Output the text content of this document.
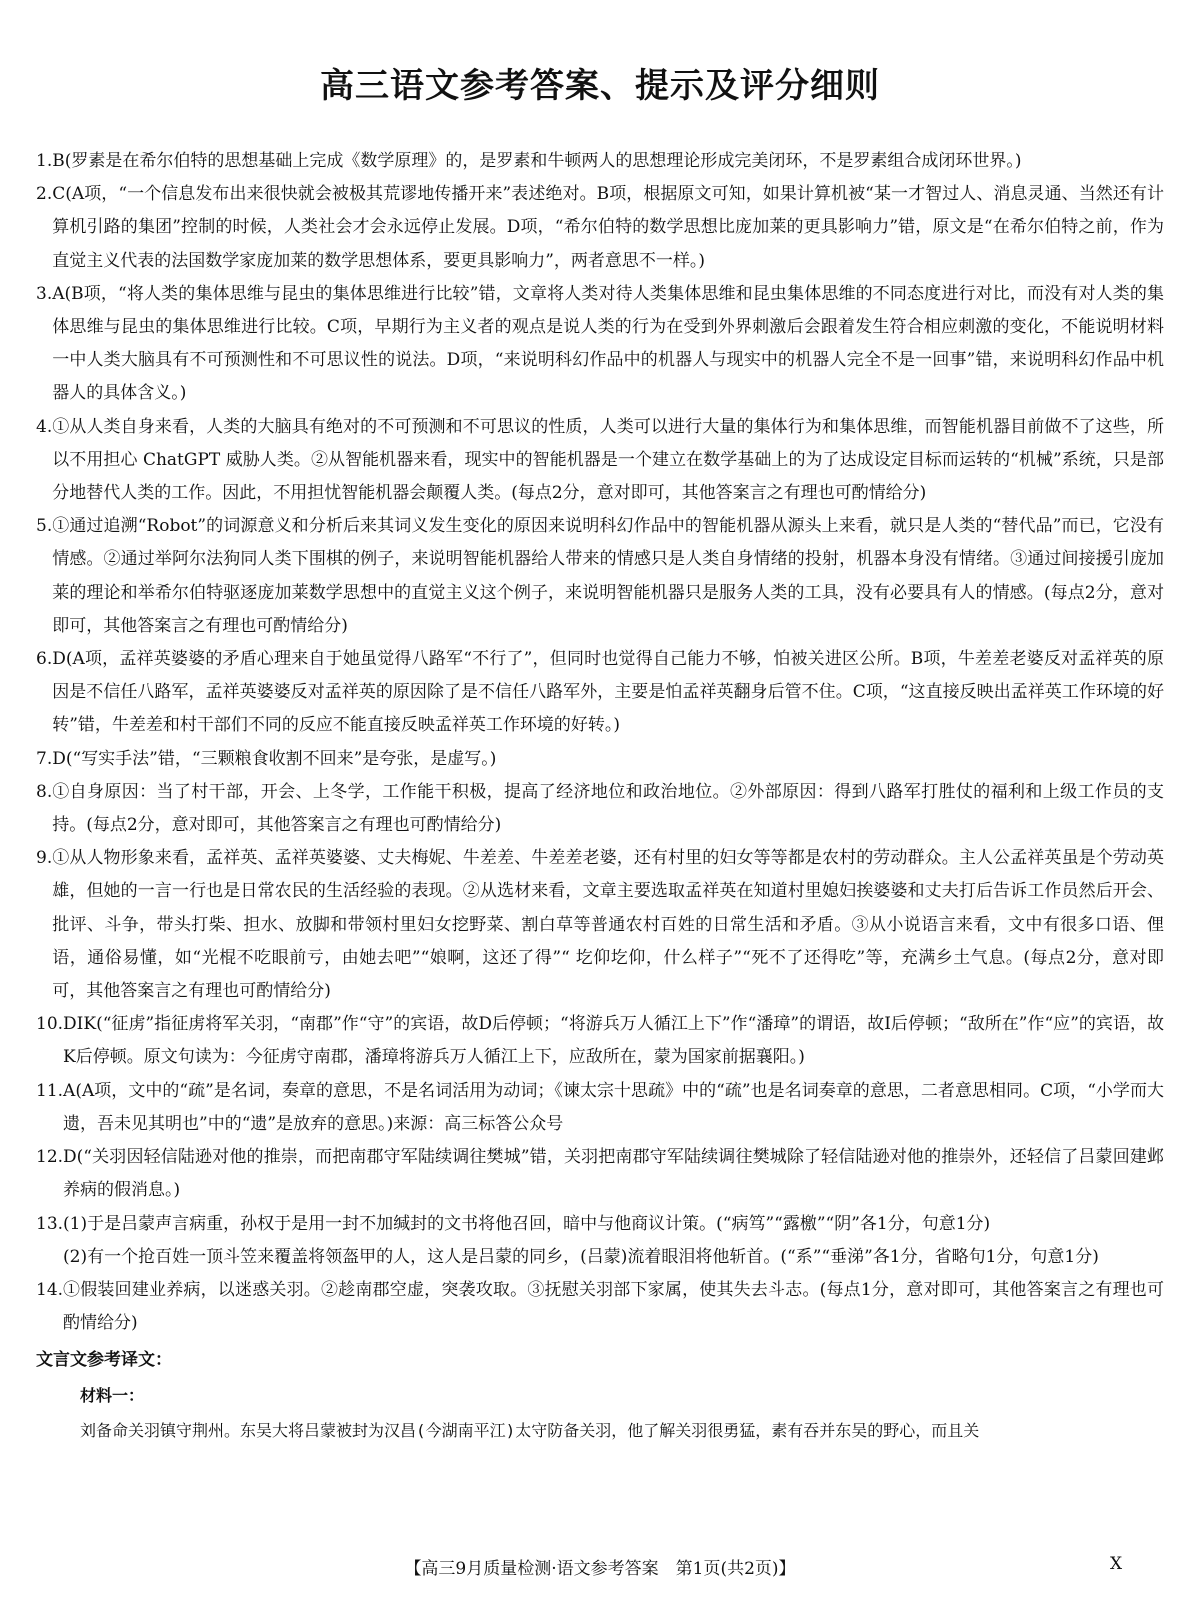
高三语文参考答案、提示及评分细则
1. B(罗素是在希尔伯特的思想基础上完成《数学原理》的，是罗素和牛顿两人的思想理论形成完美闭环，不是罗素组合成闭环世界。)

2. C(A项，“一个信息发布出来很快就会被极其荒谬地传播开来”表述绝对。B项，根据原文可知，如果计算机被“某一才智过人、消息灵通、当然还有计算机引路的集团”控制的时候，人类社会才会永远停止发展。D项，“希尔伯特的数学思想比庞加莱的更具影响力”错，原文是“在希尔伯特之前，作为直觉主义代表的法国数学家庞加莱的数学思想体系，要更具影响力”，两者意思不一样。)

3. A(B项，“将人类的集体思维与昆虫的集体思维进行比较”错，文章将人类对待人类集体思维和昆虫集体思维的不同态度进行对比，而没有对人类的集体思维与昆虫的集体思维进行比较。C项，早期行为主义者的观点是说人类的行为在受到外界刺激后会跟着发生符合相应刺激的变化，不能说明材料一中人类大脑具有不可预测性和不可思议性的说法。D项，“来说明科幻作品中的机器人与现实中的机器人完全不是一回事”错，来说明科幻作品中机器人的具体含义。)

4. ①从人类自身来看，人类的大脑具有绝对的不可预测和不可思议的性质，人类可以进行大量的集体行为和集体思维，而智能机器目前做不了这些，所以不用担心 ChatGPT 威胁人类。②从智能机器来看，现实中的智能机器是一个建立在数学基础上的为了达成设定目标而运转的“机械”系统，只是部分地替代人类的工作。因此，不用担忧智能机器会颠覆人类。(每点2分，意对即可，其他答案言之有理也可酌情给分)

5. ①通过追溯“Robot”的词源意义和分析后来其词义发生变化的原因来说明科幻作品中的智能机器从源头上来看，就只是人类的“替代品”而已，它没有情感。②通过举阿尔法狗同人类下围棋的例子，来说明智能机器给人带来的情感只是人类自身情绪的投射，机器本身没有情绪。③通过间接援引庞加莱的理论和举希尔伯特驱逐庞加莱数学思想中的直觉主义这个例子，来说明智能机器只是服务人类的工具，没有必要具有人的情感。(每点2分，意对即可，其他答案言之有理也可酌情给分)

6. D(A项，孟祥英婆婆的矛盾心理来自于她虽觉得八路军“不行了”，但同时也觉得自己能力不够，怕被关进区公所。B项，牛差差老婆反对孟祥英的原因是不信任八路军，孟祥英婆婆反对孟祥英的原因除了是不信任八路军外，主要是怕孟祥英翻身后管不住。C项，“这直接反映出孟祥英工作环境的好转”错，牛差差和村干部们不同的反应不能直接反映孟祥英工作环境的好转。)

7. D(“写实手法”错，“三颗粮食收割不回来”是夸张，是虚写。)

8. ①自身原因：当了村干部，开会、上冬学，工作能干积极，提高了经济地位和政治地位。②外部原因：得到八路军打胜仗的福利和上级工作员的支持。(每点2分，意对即可，其他答案言之有理也可酌情给分)

9. ①从人物形象来看，孟祥英、孟祥英婆婆、丈夫梅妮、牛差差、牛差差老婆，还有村里的妇女等等都是农村的劳动群众。主人公孟祥英虽是个劳动英雄，但她的一言一行也是日常农民的生活经验的表现。②从选材来看，文章主要选取孟祥英在知道村里媳妇挨婆婆和丈夫打后告诉工作员然后开会、批评、斗争，带头打柴、担水、放脚和带领村里妇女挖野菜、割白草等普通农村百姓的日常生活和矛盾。③从小说语言来看，文中有很多口语、俚语，通俗易懂，如“光棍不吃眼前亏，由她去吧”“娘啊，这还了得”“ 圪仰圪仰，什么样子”“死不了还得吃”等，充满乡土气息。(每点2分，意对即可，其他答案言之有理也可酌情给分)

10. DIK(“征虏”指征虏将军关羽，“南郡”作“守”的宾语，故D后停顿；“将游兵万人循江上下”作“潘璋”的谓语，故I后停顿；“敌所在”作“应”的宾语，故K后停顿。原文句读为：今征虏守南郡，潘璋将游兵万人循江上下，应敌所在，蒙为国家前据襄阳。)

11. A(A项，文中的“疏”是名词，奏章的意思，不是名词活用为动词；《谏太宗十思疏》中的“疏”也是名词奏章的意思，二者意思相同。C项，“小学而大遗，吾未见其明也”中的“遗”是放弃的意思。)来源：高三标答公众号

12. D(“关羽因轻信陆逊对他的推崇，而把南郡守军陆续调往樊城”错，关羽把南郡守军陆续调往樊城除了轻信陆逊对他的推崇外，还轻信了吕蒙回建邺养病的假消息。)

13. (1)于是吕蒙声言病重，孙权于是用一封不加缄封的文书将他召回，暗中与他商议计策。(“病笃”“露檄”“阴”各1分，句意1分)

(2)有一个抢百姓一顶斗笠来覆盖将领盔甲的人，这人是吕蒙的同乡，(吕蒙)流着眼泪将他斩首。(“系”“垂涕”各1分，省略句1分，句意1分)

14. ①假装回建业养病，以迷惑关羽。②趁南郡空虚，突袭攻取。③抚慰关羽部下家属，使其失去斗志。(每点1分，意对即可，其他答案言之有理也可酌情给分)

文言文参考译文：
材料一：
刘备命关羽镇守荆州。东吴大将吕蒙被封为汉昌(今湖南平江)太守防备关羽，他了解关羽很勇猛，素有吞并东吴的野心，而且关
【高三9月质量检测·语文参考答案　第1页(共2页)】	X
